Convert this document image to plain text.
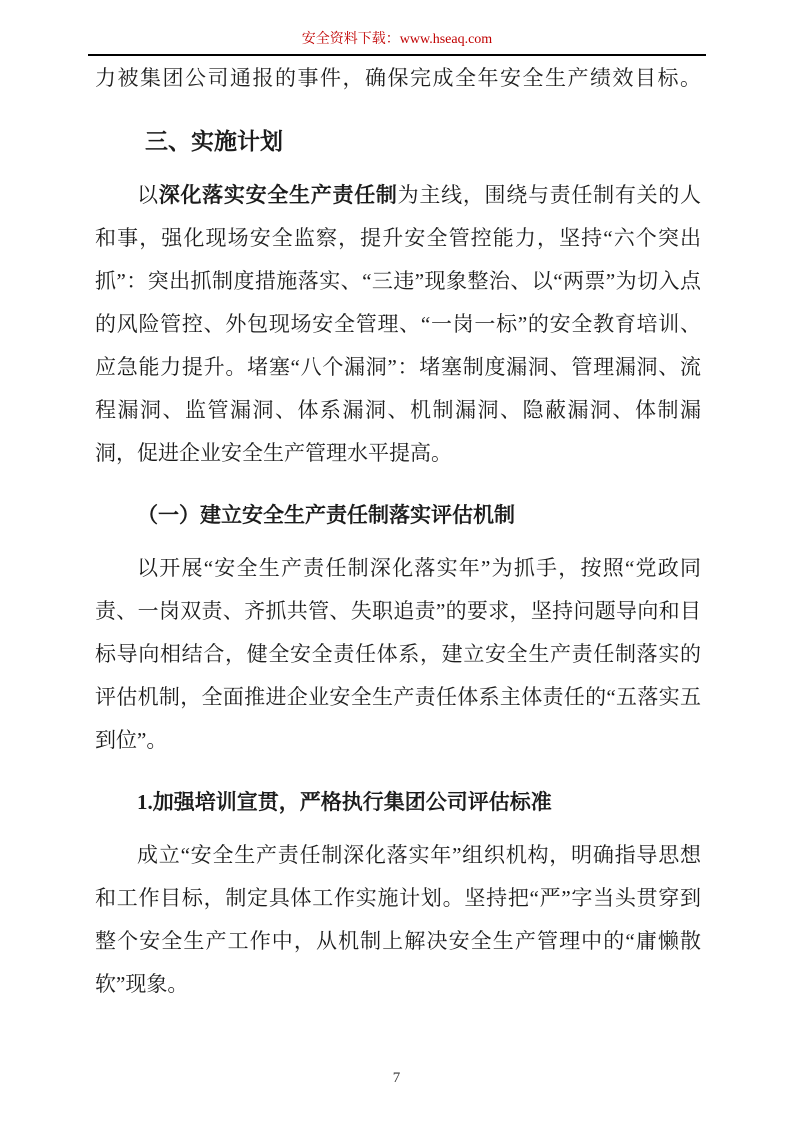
安全资料下载：www.hseaq.com

力被集团公司通报的事件，确保完成全年安全生产绩效目标。

三、实施计划

以深化落实安全生产责任制为主线，围绕与责任制有关的人和事，强化现场安全监察，提升安全管控能力，坚持“六个突出抓”：突出抓制度措施落实、“三违”现象整治、以“两票”为切入点的风险管控、外包现场安全管理、“一岗一标”的安全教育培训、应急能力提升。堵塞“八个漏洞”：堵塞制度漏洞、管理漏洞、流程漏洞、监管漏洞、体系漏洞、机制漏洞、隐蔽漏洞、体制漏洞，促进企业安全生产管理水平提高。

（一）建立安全生产责任制落实评估机制

以开展“安全生产责任制深化落实年”为抓手，按照“党政同责、一岗双责、齐抓共管、失职追责”的要求，坚持问题导向和目标导向相结合，健全安全责任体系，建立安全生产责任制落实的评估机制，全面推进企业安全生产责任体系主体责任的“五落实五到位”。

1.加强培训宣贯，严格执行集团公司评估标准

成立“安全生产责任制深化落实年”组织机构，明确指导思想和工作目标，制定具体工作实施计划。坚持把“严”字当头贯穿到整个安全生产工作中，从机制上解决安全生产管理中的“庸懒散软”现象。

7
